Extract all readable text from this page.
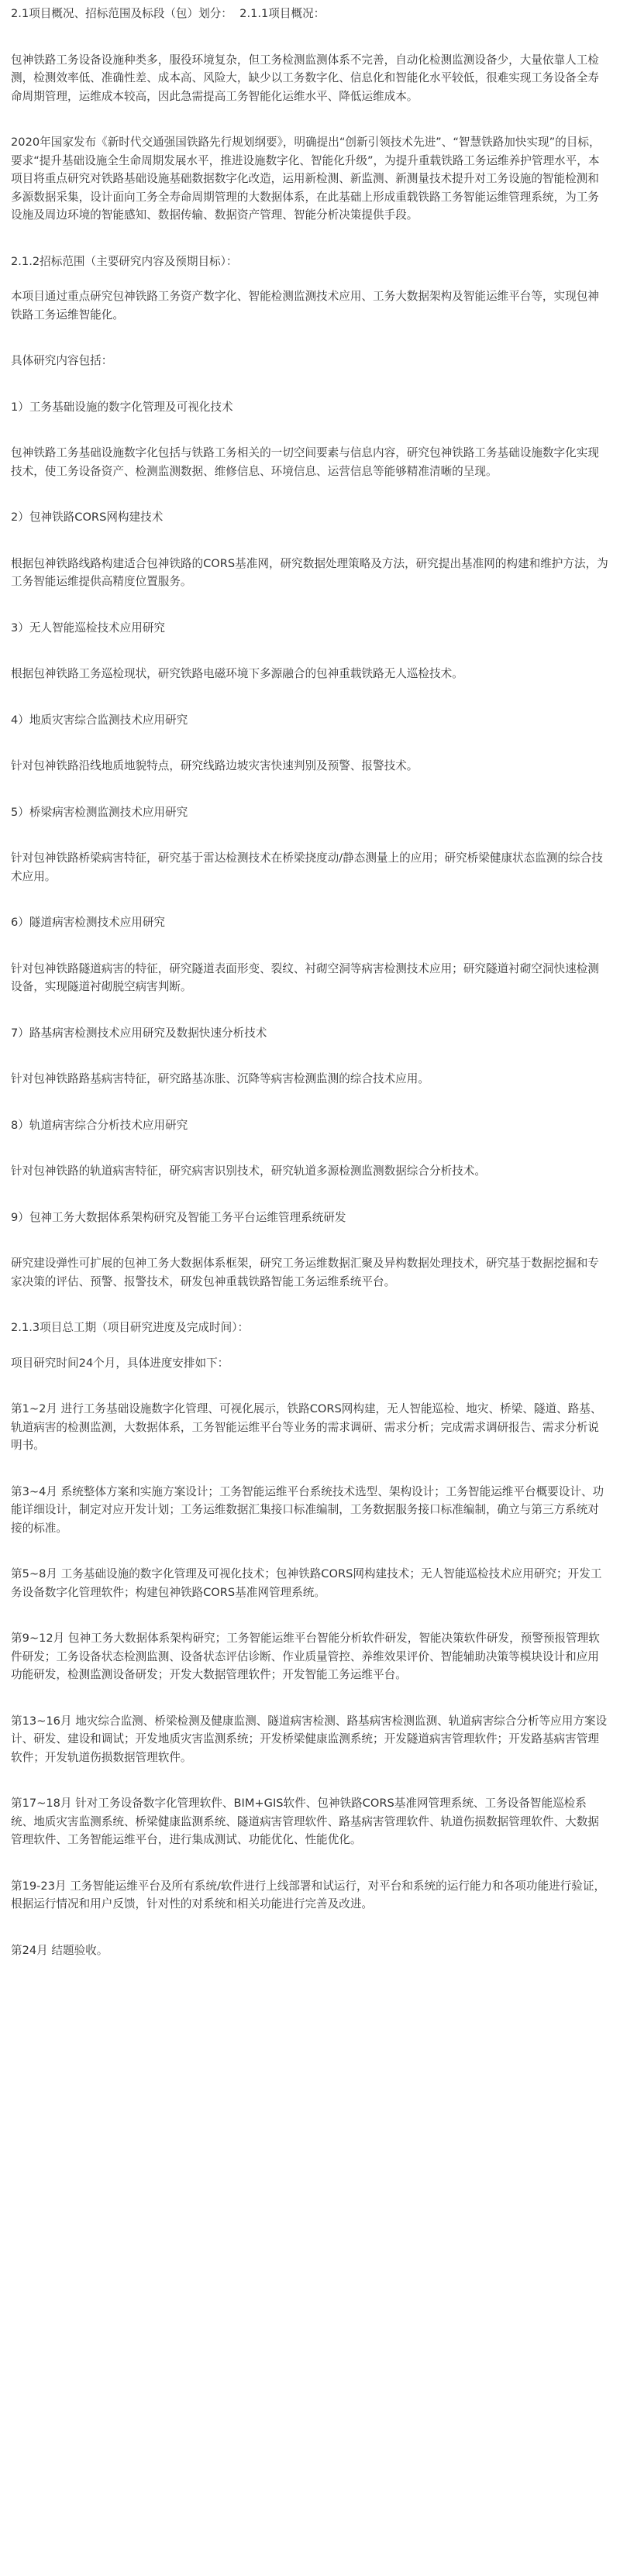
2.1项目概况、招标范围及标段（包）划分：  2.1.1项目概况：

包神铁路工务设备设施种类多，服役环境复杂，但工务检测监测体系不完善，自动化检测监测设备少，大量依靠人工检测，检测效率低、准确性差、成本高、风险大，缺少以工务数字化、信息化和智能化水平较低，很难实现工务设备全寿命周期管理，运维成本较高，因此急需提高工务智能化运维水平、降低运维成本。

2020年国家发布《新时代交通强国铁路先行规划纲要》，明确提出“创新引领技术先进”、“智慧铁路加快实现”的目标，要求“提升基础设施全生命周期发展水平，推进设施数字化、智能化升级”，为提升重载铁路工务运维养护管理水平，本项目将重点研究对铁路基础设施基础数据数字化改造，运用新检测、新监测、新测量技术提升对工务设施的智能检测和多源数据采集，设计面向工务全寿命周期管理的大数据体系，在此基础上形成重载铁路工务智能运维管理系统，为工务设施及周边环境的智能感知、数据传输、数据资产管理、智能分析决策提供手段。

2.1.2招标范围（主要研究内容及预期目标）：

本项目通过重点研究包神铁路工务资产数字化、智能检测监测技术应用、工务大数据架构及智能运维平台等，实现包神铁路工务运维智能化。

具体研究内容包括：

1）工务基础设施的数字化管理及可视化技术

包神铁路工务基础设施数字化包括与铁路工务相关的一切空间要素与信息内容，研究包神铁路工务基础设施数字化实现技术，使工务设备资产、检测监测数据、维修信息、环境信息、运营信息等能够精准清晰的呈现。

2）包神铁路CORS网构建技术

根据包神铁路线路构建适合包神铁路的CORS基准网，研究数据处理策略及方法，研究提出基准网的构建和维护方法，为工务智能运维提供高精度位置服务。

3）无人智能巡检技术应用研究

根据包神铁路工务巡检现状，研究铁路电磁环境下多源融合的包神重载铁路无人巡检技术。

4）地质灾害综合监测技术应用研究

针对包神铁路沿线地质地貌特点，研究线路边坡灾害快速判别及预警、报警技术。

5）桥梁病害检测监测技术应用研究

针对包神铁路桥梁病害特征，研究基于雷达检测技术在桥梁挠度动/静态测量上的应用；研究桥梁健康状态监测的综合技术应用。

6）隧道病害检测技术应用研究

针对包神铁路隧道病害的特征，研究隧道表面形变、裂纹、衬砌空洞等病害检测技术应用；研究隧道衬砌空洞快速检测设备，实现隧道衬砌脱空病害判断。

7）路基病害检测技术应用研究及数据快速分析技术

针对包神铁路路基病害特征，研究路基冻胀、沉降等病害检测监测的综合技术应用。

8）轨道病害综合分析技术应用研究

针对包神铁路的轨道病害特征，研究病害识别技术，研究轨道多源检测监测数据综合分析技术。

9）包神工务大数据体系架构研究及智能工务平台运维管理系统研发

研究建设弹性可扩展的包神工务大数据体系框架，研究工务运维数据汇聚及异构数据处理技术，研究基于数据挖掘和专家决策的评估、预警、报警技术，研发包神重载铁路智能工务运维系统平台。

2.1.3项目总工期（项目研究进度及完成时间）：

项目研究时间24个月，具体进度安排如下：

第1~2月 进行工务基础设施数字化管理、可视化展示，铁路CORS网构建，无人智能巡检、地灾、桥梁、隧道、路基、轨道病害的检测监测，大数据体系，工务智能运维平台等业务的需求调研、需求分析；完成需求调研报告、需求分析说明书。

第3~4月 系统整体方案和实施方案设计；工务智能运维平台系统技术选型、架构设计；工务智能运维平台概要设计、功能详细设计，制定对应开发计划；工务运维数据汇集接口标准编制，工务数据服务接口标准编制，确立与第三方系统对接的标准。

第5~8月 工务基础设施的数字化管理及可视化技术；包神铁路CORS网构建技术；无人智能巡检技术应用研究；开发工务设备数字化管理软件；构建包神铁路CORS基准网管理系统。

第9~12月 包神工务大数据体系架构研究；工务智能运维平台智能分析软件研发，智能决策软件研发，预警预报管理软件研发；工务设备状态检测监测、设备状态评估诊断、作业质量管控、养维效果评价、智能辅助决策等模块设计和应用功能研发，检测监测设备研发；开发大数据管理软件；开发智能工务运维平台。

第13~16月 地灾综合监测、桥梁检测及健康监测、隧道病害检测、路基病害检测监测、轨道病害综合分析等应用方案设计、研发、建设和调试；开发地质灾害监测系统；开发桥梁健康监测系统；开发隧道病害管理软件；开发路基病害管理软件；开发轨道伤损数据管理软件。

第17~18月 针对工务设备数字化管理软件、BIM+GIS软件、包神铁路CORS基准网管理系统、工务设备智能巡检系统、地质灾害监测系统、桥梁健康监测系统、隧道病害管理软件、路基病害管理软件、轨道伤损数据管理软件、大数据管理软件、工务智能运维平台，进行集成测试、功能优化、性能优化。

第19-23月 工务智能运维平台及所有系统/软件进行上线部署和试运行，对平台和系统的运行能力和各项功能进行验证，根据运行情况和用户反馈，针对性的对系统和相关功能进行完善及改进。

第24月 结题验收。
